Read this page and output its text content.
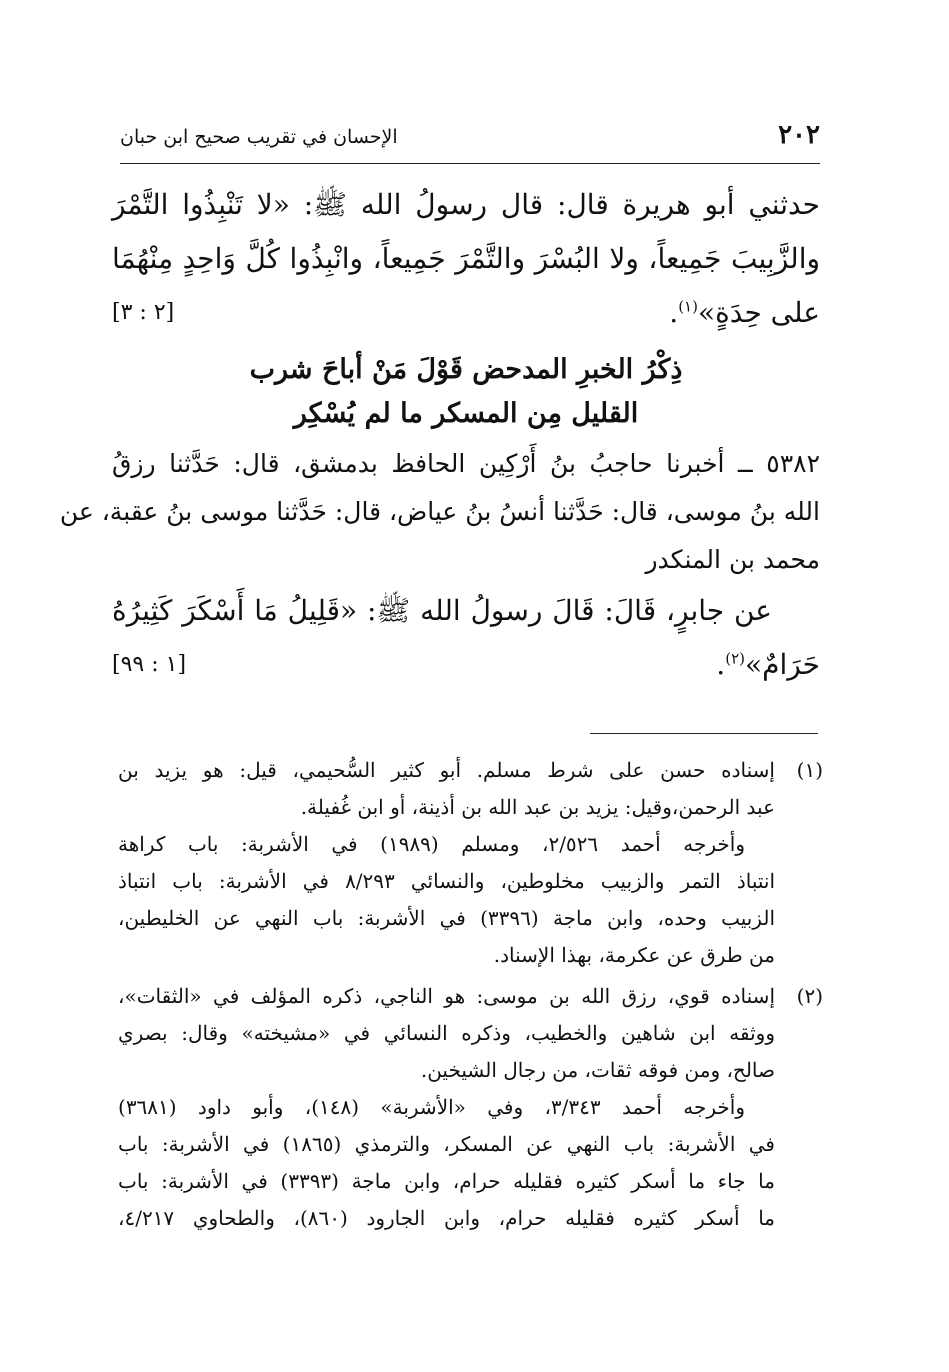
٢٠٢
الإحسان في تقريب صحيح ابن حبان
حدثني أبو هريرة قال: قال رسولُ الله ﷺ: «لا تَنْبِذُوا التَّمْرَ
والزَّبِيبَ جَمِيعاً، ولا البُسْرَ والتَّمْرَ جَمِيعاً، وانْبِذُوا كُلَّ وَاحِدٍ مِنْهُمَا
على حِدَةٍ»$^{(١)}$.
[٢ : ٣]
ذِكْرُ الخبرِ المدحض قَوْلَ مَنْ أباحَ شرب
القليل مِن المسكر ما لم يُسْكِر
٥٣٨٢ ــ أخبرنا حاجبُ بنُ أَرْكِين الحافظ بدمشق، قال: حَدَّثنا رزقُ
الله بنُ موسى، قال: حَدَّثنا أنسُ بنُ عياض، قال: حَدَّثنا موسى بنُ عقبة، عن
محمد بن المنكدر
عن جابرٍ، قَالَ: قَالَ رسولُ الله ﷺ: «قَلِيلُ مَا أَسْكَرَ كَثِيرُهُ
حَرَامٌ»$^{(٢)}$.
[١ : ٩٩]
(١)
إسناده حسن على شرط مسلم. أبو كثير السُّحيمي، قيل: هو يزيد بن
عبد الرحمن،وقيل: يزيد بن عبد الله بن أذينة، أو ابن غُفيلة.
وأخرجه أحمد ٢/٥٢٦، ومسلم (١٩٨٩) في الأشربة: باب كراهة
انتباذ التمر والزبيب مخلوطين، والنسائي ٨/٢٩٣ في الأشربة: باب انتباذ
الزبيب وحده، وابن ماجة (٣٣٩٦) في الأشربة: باب النهي عن الخليطين،
من طرق عن عكرمة، بهذا الإسناد.
(٢)
إسناده قوي، رزق الله بن موسى: هو الناجي، ذكره المؤلف في «الثقات»،
ووثقه ابن شاهين والخطيب، وذكره النسائي في «مشيخته» وقال: بصري
صالح، ومن فوقه ثقات، من رجال الشيخين.
وأخرجه أحمد ٣/٣٤٣، وفي «الأشربة» (١٤٨)، وأبو داود (٣٦٨١)
في الأشربة: باب النهي عن المسكر، والترمذي (١٨٦٥) في الأشربة: باب
ما جاء ما أسكر كثيره فقليله حرام، وابن ماجة (٣٣٩٣) في الأشربة: باب
ما أسكر كثيره فقليله حرام، وابن الجارود (٨٦٠)، والطحاوي ٤/٢١٧،
